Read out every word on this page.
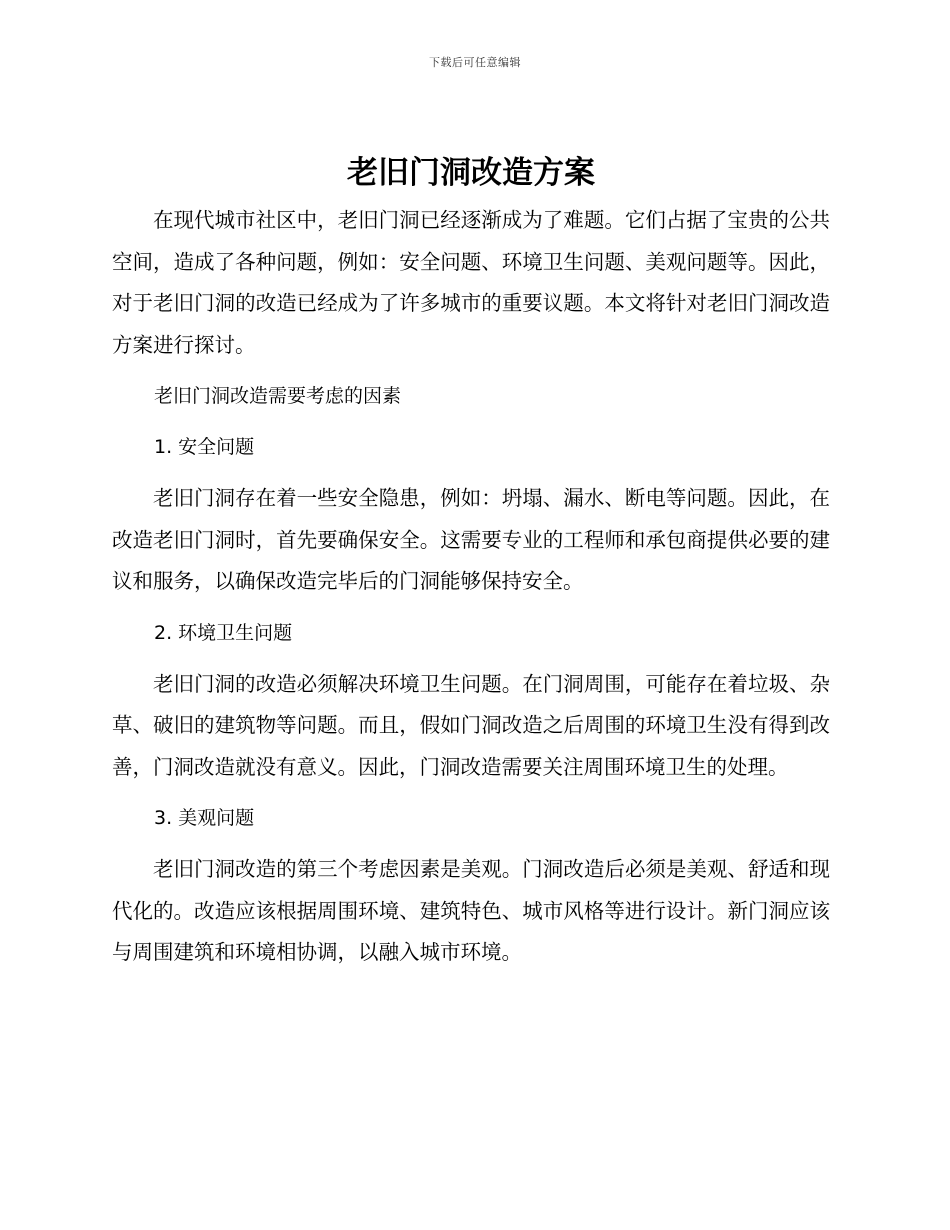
下载后可任意编辑
老旧门洞改造方案

在现代城市社区中，老旧门洞已经逐渐成为了难题。它们占据了宝贵的公共空间，造成了各种问题，例如：安全问题、环境卫生问题、美观问题等。因此，对于老旧门洞的改造已经成为了许多城市的重要议题。本文将针对老旧门洞改造方案进行探讨。

老旧门洞改造需要考虑的因素
1. 安全问题

老旧门洞存在着一些安全隐患，例如：坍塌、漏水、断电等问题。因此，在改造老旧门洞时，首先要确保安全。这需要专业的工程师和承包商提供必要的建议和服务，以确保改造完毕后的门洞能够保持安全。

2. 环境卫生问题

老旧门洞的改造必须解决环境卫生问题。在门洞周围，可能存在着垃圾、杂草、破旧的建筑物等问题。而且，假如门洞改造之后周围的环境卫生没有得到改善，门洞改造就没有意义。因此，门洞改造需要关注周围环境卫生的处理。

3. 美观问题

老旧门洞改造的第三个考虑因素是美观。门洞改造后必须是美观、舒适和现代化的。改造应该根据周围环境、建筑特色、城市风格等进行设计。新门洞应该与周围建筑和环境相协调，以融入城市环境。
